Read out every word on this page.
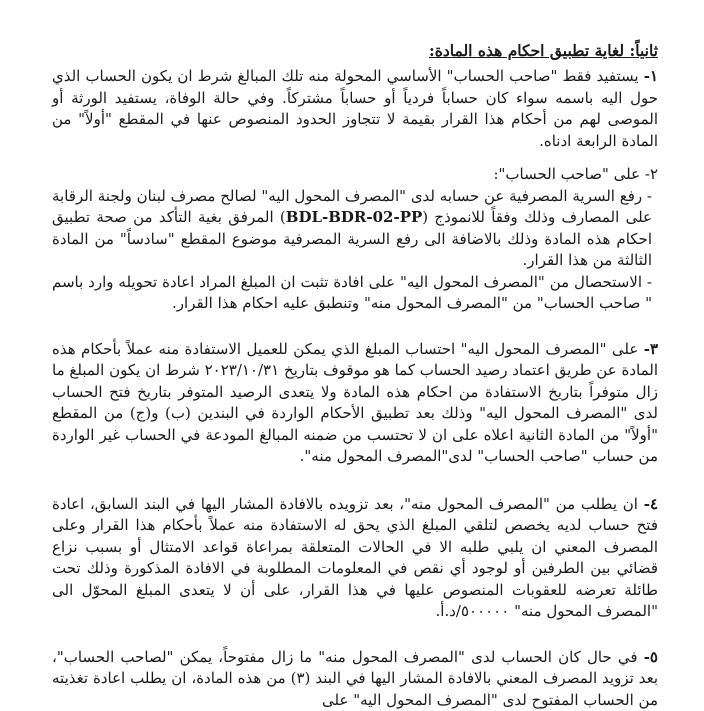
ثانياً: لغاية تطبيق احكام هذه المادة:

١- يستفيد فقط "صاحب الحساب" الأساسي المحولة منه تلك المبالغ شرط ان يكون الحساب الذي حول اليه باسمه سواء كان حساباً فردياً أو حساباً مشتركاً. وفي حالة الوفاة، يستفيد الورثة أو الموصى لهم من أحكام هذا القرار بقيمة لا تتجاوز الحدود المنصوص عنها في المقطع "أولاً" من المادة الرابعة ادناه.

٢- على "صاحب الحساب":

- رفع السرية المصرفية عن حسابه لدى "المصرف المحول اليه" لصالح مصرف لبنان ولجنة الرقابة على المصارف وذلك وفقاً للانموذج (BDL-BDR-02-PP) المرفق بغية التأكد من صحة تطبيق احكام هذه المادة وذلك بالاضافة الى رفع السرية المصرفية موضوع المقطع "سادساً" من المادة الثالثة من هذا القرار.

- الاستحصال من "المصرف المحول اليه" على افادة تثبت ان المبلغ المراد اعادة تحويله وارد باسم " صاحب الحساب" من "المصرف المحول منه" وتنطبق عليه احكام هذا القرار.

٣- على "المصرف المحول اليه" احتساب المبلغ الذي يمكن للعميل الاستفادة منه عملاً بأحكام هذه المادة عن طريق اعتماد رصيد الحساب كما هو موقوف بتاريخ ٢٠٢٣/١٠/٣١ شرط ان يكون المبلغ ما زال متوفراً بتاريخ الاستفادة من احكام هذه المادة ولا يتعدى الرصيد المتوفر بتاريخ فتح الحساب لدى "المصرف المحول اليه" وذلك بعد تطبيق الأحكام الواردة في البندين (ب) و(ج) من المقطع "أولاً" من المادة الثانية اعلاه على ان لا تحتسب من ضمنه المبالغ المودعة في الحساب غير الواردة من حساب "صاحب الحساب" لدى"المصرف المحول منه".

٤- ان يطلب من "المصرف المحول منه"، بعد تزويده بالافادة المشار اليها في البند السابق، اعادة فتح حساب لديه يخصص لتلقي المبلغ الذي يحق له الاستفادة منه عملاً بأحكام هذا القرار وعلى المصرف المعني ان يلبي طلبه الا في الحالات المتعلقة بمراعاة قواعد الامتثال أو بسبب نزاع قضائي بين الطرفين أو لوجود أي نقص في المعلومات المطلوبة في الافادة المذكورة وذلك تحت طائلة تعرضه للعقوبات المنصوص عليها في هذا القرار، على أن لا يتعدى المبلغ المحوّل الى "المصرف المحول منه" ٥٠٠٠٠٠/د.أ.

٥- في حال كان الحساب لدى "المصرف المحول منه" ما زال مفتوحاً، يمكن "لصاحب الحساب"، بعد تزويد المصرف المعني بالافادة المشار اليها في البند (٣) من هذه المادة، ان يطلب اعادة تغذيته من الحساب المفتوح لدى "المصرف المحول اليه" على
